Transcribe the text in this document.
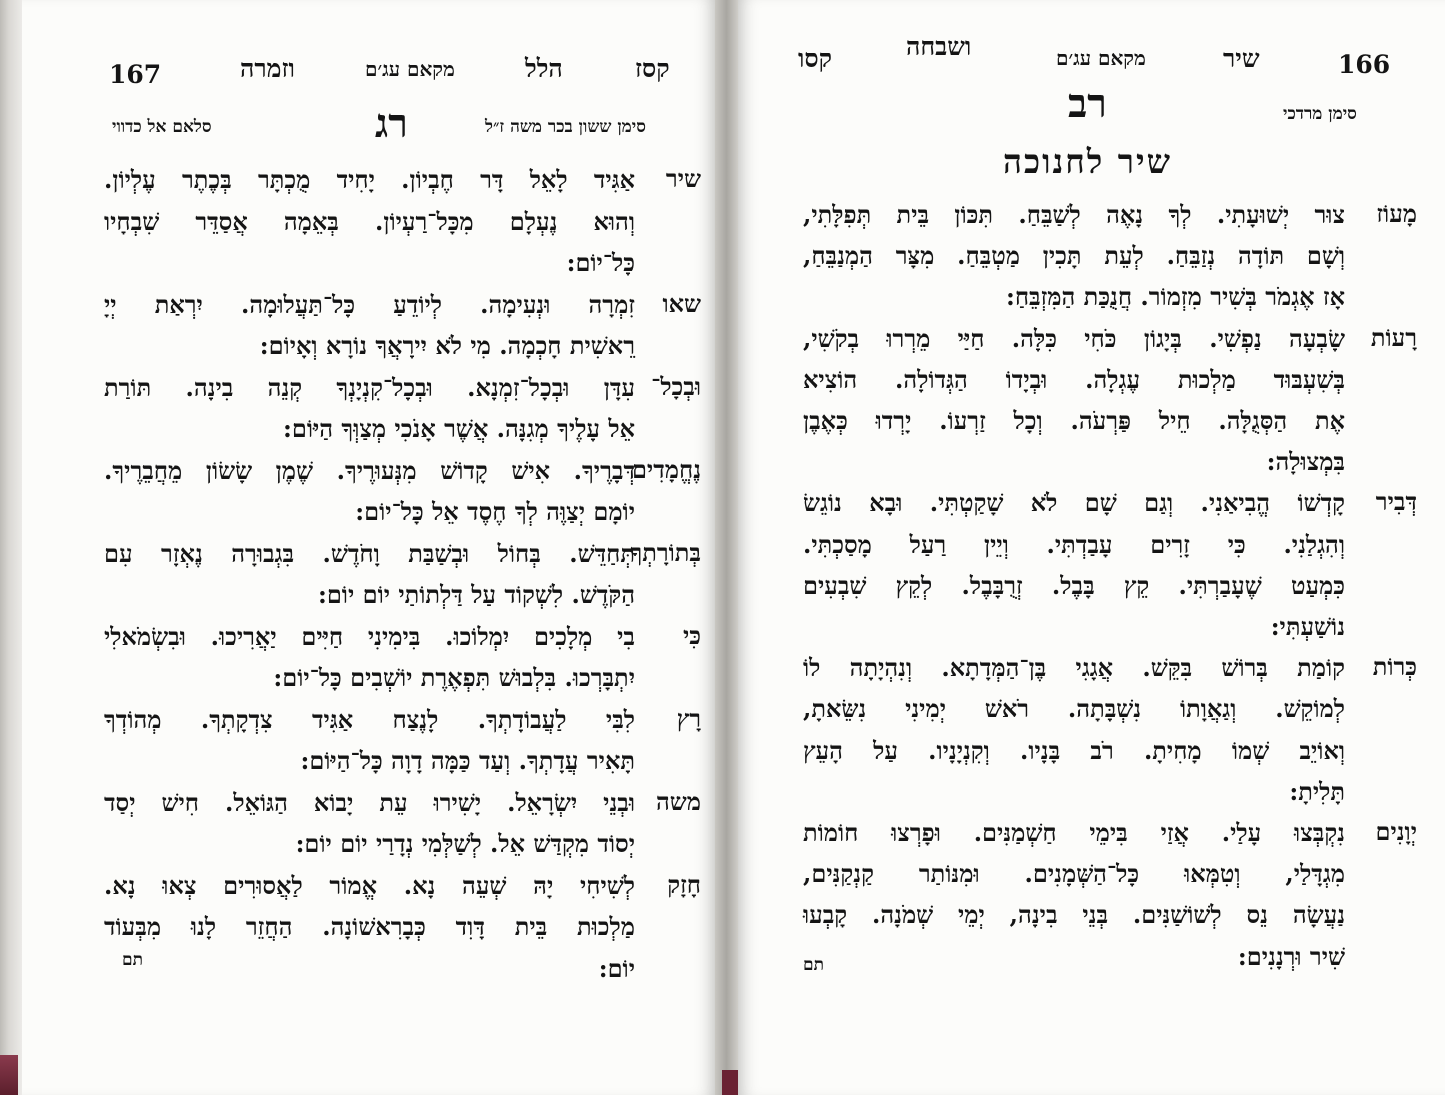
167	וזמרה	מקאם עג׳ם	הלל	קסז
סלאם אל כדווי	רג	סימן ששון בכר משה ז״ל
שיר
אַגִּיד לָאֵל דָּר חֶבְיוֹן. יָחִיד מֻכְתָּר בְּכֶתֶר עֶלְיוֹן.
וְהוּא נֶעְלָם מִכָּל־רַעְיוֹן. בְּאֵמָה אֲסַדֵּר שִׁבְחָיו
כָּל־יוֹם:
שאו
זִמְרָה וּנְעִימָה. לְיוֹדֵעַ כָּל־תַּעֲלוּמָה. יִרְאַת יְיָ
רֵאשִׁית חָכְמָה. מִי לֹא יִירָאֲךָ נוֹרָא וְאָיוֹם:
וּבְכָל־
עִדָּן וּבְכָל־זִמְנָא. וּבְכָל־קִנְיָנְךָ קְנֵה בִינָה. תּוֹרַת
אֵל עָלֶיךָ מְגִנָּה. אֲשֶׁר אָנֹכִי מְצַוְּךָ הַיּוֹם:
נֶחֱמָדִים
דְּבָרֶיךָ. אִישׁ קָדוֹשׁ מִנְּעוּרֶיךָ. שֶׁמֶן שָׂשׂוֹן מֵחֲבֵרֶיךָ.
יוֹמָם יְצַוֶּה לְךָ חֶסֶד אֵל כָּל־יוֹם:
בְּתוֹרָתְךָ
תְּחַדֵּשׁ. בְּחוֹל וּבְשַׁבַּת וָחֹדֶשׁ. בִּגְבוּרָה נֶאְזָר עִם
הַקֹּדֶשׁ. לִשְׁקוֹד עַל דַּלְתוֹתַי יוֹם יוֹם:
כִּי
בִי מְלָכִים יִמְלוֹכוּ. בִּימִינִי חַיִּים יַאֲרִיכוּ. וּבִשְׂמֹאלִי
יִתְבָּרְכוּ. בִּלְבוּשׁ תִּפְאֶרֶת יוֹשְׁבִים כָּל־יוֹם:
רָץ
לִבִּי לַעֲבוֹדָתְךָ. לָנֶצַח אַגִּיד צִדְקָתְךָ. מְהוֹדְךָ
תָּאִיר עֲדָתְךָ. וְעַד כַּמָּה דָוָה כָּל־הַיּוֹם:
משה
וּבְנֵי יִשְׂרָאֵל. יָשִׁירוּ עֵת יָבוֹא הַגּוֹאֵל. חִישׁ יְסַד
יְסוֹד מִקְדַּשׁ אֵל. לְשַׁלְּמִי נְדָרַי יוֹם יוֹם:
חָזָק
לְשִׁיחִי יָהּ שְׁעֵה נָא. אֱמוֹר לַאֲסוּרִים צְאוּ נָא.
מַלְכוּת בֵּית דָּוִד כְּבָרִאשׁוֹנָה. הַחֲזֵר לָנוּ מִבְּעוֹד
יוֹם:
תם
166
שיר
מקאם עג׳ם
ושבחה
קסו
רב	סימן מרדכי
שיר לחנוכה
מָעוֹז
צוּר יְשׁוּעָתִי. לְךָ נָאֶה לְשַׁבֵּחַ. תִּכּוֹן בֵּית תְּפִלָּתִי,
וְשָׁם תּוֹדָה נְזַבֵּחַ. לְעֵת תָּכִין מַטְבֵּחַ. מִצָּר הַמְנַבֵּחַ,
אָז אֶגְמֹר בְּשִׁיר מִזְמוֹר. חֲנֻכַּת הַמִּזְבֵּחַ:
רָעוֹת
שָׂבְעָה נַפְשִׁי. בְּיָגוֹן כֹּחִי כִּלָּה. חַיַּי מֵרְרוּ בְקֹשִׁי,
בְּשִׁעְבּוּד מַלְכוּת עֶגְלָה. וּבְיָדוֹ הַגְּדוֹלָה. הוֹצִיא
אֶת הַסְּגֻלָּה. חֵיל פַּרְעֹה. וְכָל זַרְעוֹ. יָרְדוּ כְּאֶבֶן
בִּמְצוּלָה:
דְּבִיר
קָדְשׁוֹ הֱבִיאַנִי. וְגַם שָׁם לֹא שָׁקַטְתִּי. וּבָא נוֹגֵשׂ
וְהִגְלַנִי. כִּי זָרִים עָבַדְתִּי. וְיֵין רַעַל מָסַכְתִּי.
כִּמְעַט שֶׁעָבַרְתִּי. קֵץ בָּבֶל. זְרֻבָּבֶל. לְקֵץ שִׁבְעִים
נוֹשַׁעְתִּי:
כְּרוֹת
קוֹמַת בְּרוֹשׁ בִּקֵּשׁ. אֲגָגִי בֶּן־הַמְּדָתָא. וְנִהְיָתָה לוֹ
לְמוֹקֵשׁ. וְגַאֲוָתוֹ נִשְׁבָּתָה. רֹאשׁ יְמִינִי נִשֵּׂאתָ,
וְאוֹיֵב שְׁמוֹ מָחִיתָ. רֹב בָּנָיו. וְקִנְיָנָיו. עַל הָעֵץ
תָּלִיתָ:
יְוָנִים
נִקְבְּצוּ עָלַי. אֲזַי בִּימֵי חַשְׁמַנִּים. וּפָרְצוּ חוֹמוֹת
מִגְדָּלַי, וְטִמְּאוּ כָּל־הַשְּׁמָנִים. וּמִנּוֹתַר קַנְקַנִּים,
נַעֲשָׂה נֵס לְשׁוֹשַׁנִּים. בְּנֵי בִינָה, יְמֵי שְׁמֹנָה. קָבְעוּ
שִׁיר וּרְנָנִים:
תם
